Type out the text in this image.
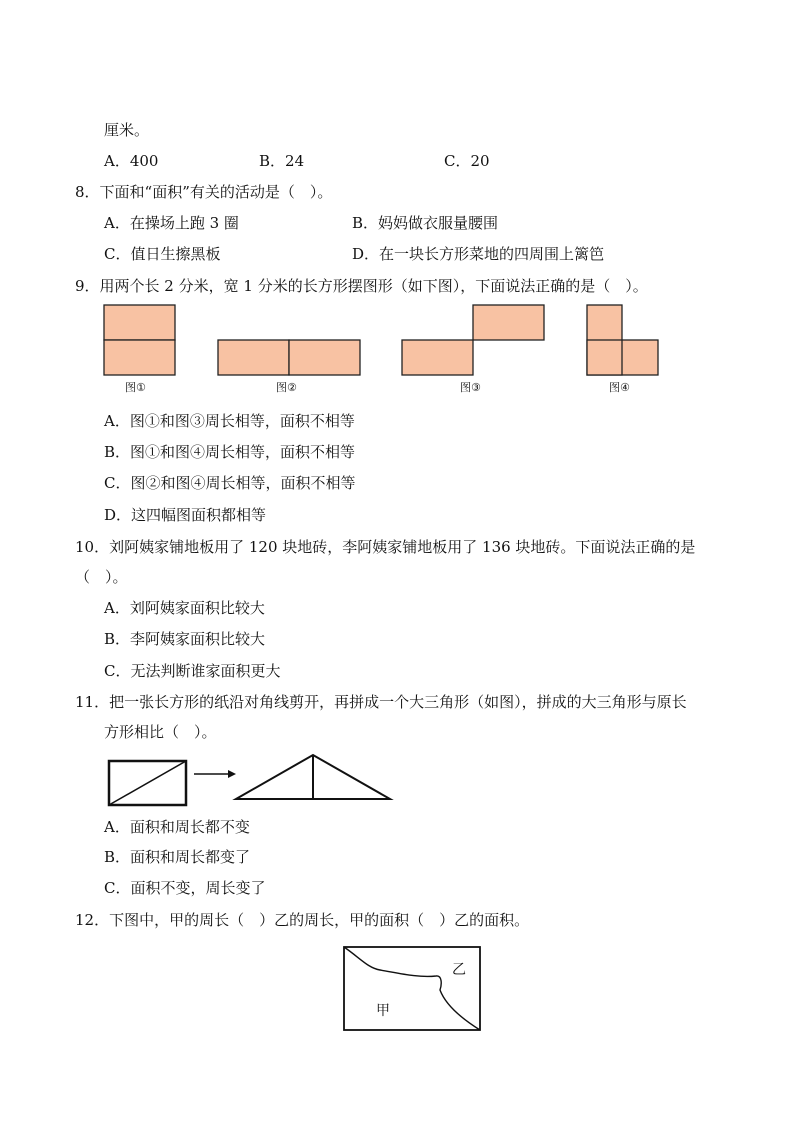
厘米。
A．400	B．24	C．20
8．下面和“面积”有关的活动是（　）。
A．在操场上跑 3 圈	B．妈妈做衣服量腰围
C．值日生擦黑板	D．在一块长方形菜地的四周围上篱笆
9．用两个长 2 分米，宽 1 分米的长方形摆图形（如下图），下面说法正确的是（　）。
图①	图②	图③	图④
A．图①和图③周长相等，面积不相等
B．图①和图④周长相等，面积不相等
C．图②和图④周长相等，面积不相等
D．这四幅图面积都相等
10．刘阿姨家铺地板用了 120 块地砖，李阿姨家铺地板用了 136 块地砖。下面说法正确的是
（　）。
A．刘阿姨家面积比较大
B．李阿姨家面积比较大
C．无法判断谁家面积更大
11．把一张长方形的纸沿对角线剪开，再拼成一个大三角形（如图），拼成的大三角形与原长
方形相比（　）。
A．面积和周长都不变
B．面积和周长都变了
C．面积不变，周长变了
12．下图中，甲的周长（　）乙的周长，甲的面积（　）乙的面积。
甲
乙
